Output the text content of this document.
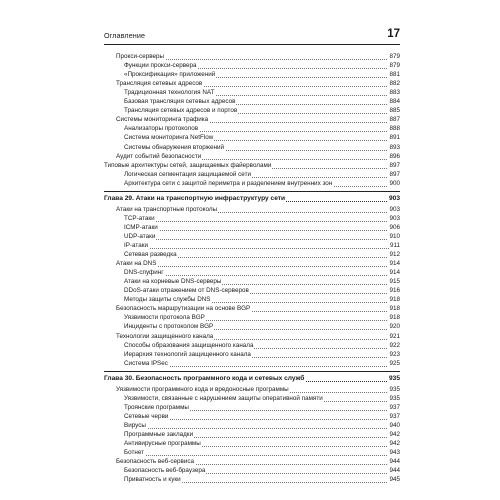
Оглавление	17
Прокси-серверы	879
Функции прокси-сервера	879
«Проксификация» приложений	881
Трансляция сетевых адресов	882
Традиционная технология NAT	883
Базовая трансляция сетевых адресов	884
Трансляция сетевых адресов и портов	885
Системы мониторинга трафика	887
Анализаторы протоколов	888
Система мониторинга NetFlow	891
Системы обнаружения вторжений	893
Аудит событий безопасности	896
Типовые архитектуры сетей, защищаемых файерволами	897
Логическая сегментация защищаемой сети	897
Архитектура сети с защитой периметра и разделением внутренних зон	900
Глава 29. Атаки на транспортную инфраструктуру сети	903
Атаки на транспортные протоколы	903
TCP-атаки	903
ICMP-атаки	906
UDP-атаки	910
IP-атаки	911
Сетевая разведка	912
Атаки на DNS	914
DNS-спуфинг	914
Атаки на корневые DNS-серверы	915
DDoS-атаки отражением от DNS-серверов	916
Методы защиты службы DNS	918
Безопасность маршрутизации на основе BGP	918
Уязвимости протокола BGP	918
Инциденты с протоколом BGP	920
Технологии защищенного канала	921
Способы образования защищенного канала	922
Иерархия технологий защищенного канала	923
Система IPSec	925
Глава 30. Безопасность программного кода и сетевых служб	935
Уязвимости программного кода и вредоносные программы	935
Уязвимости, связанные с нарушением защиты оперативной памяти	935
Троянские программы	937
Сетевые черви	937
Вирусы	940
Программные закладки	942
Антивирусные программы	942
Ботнет	943
Безопасность веб-сервиса	944
Безопасность веб-браузера	944
Приватность и куки	945
